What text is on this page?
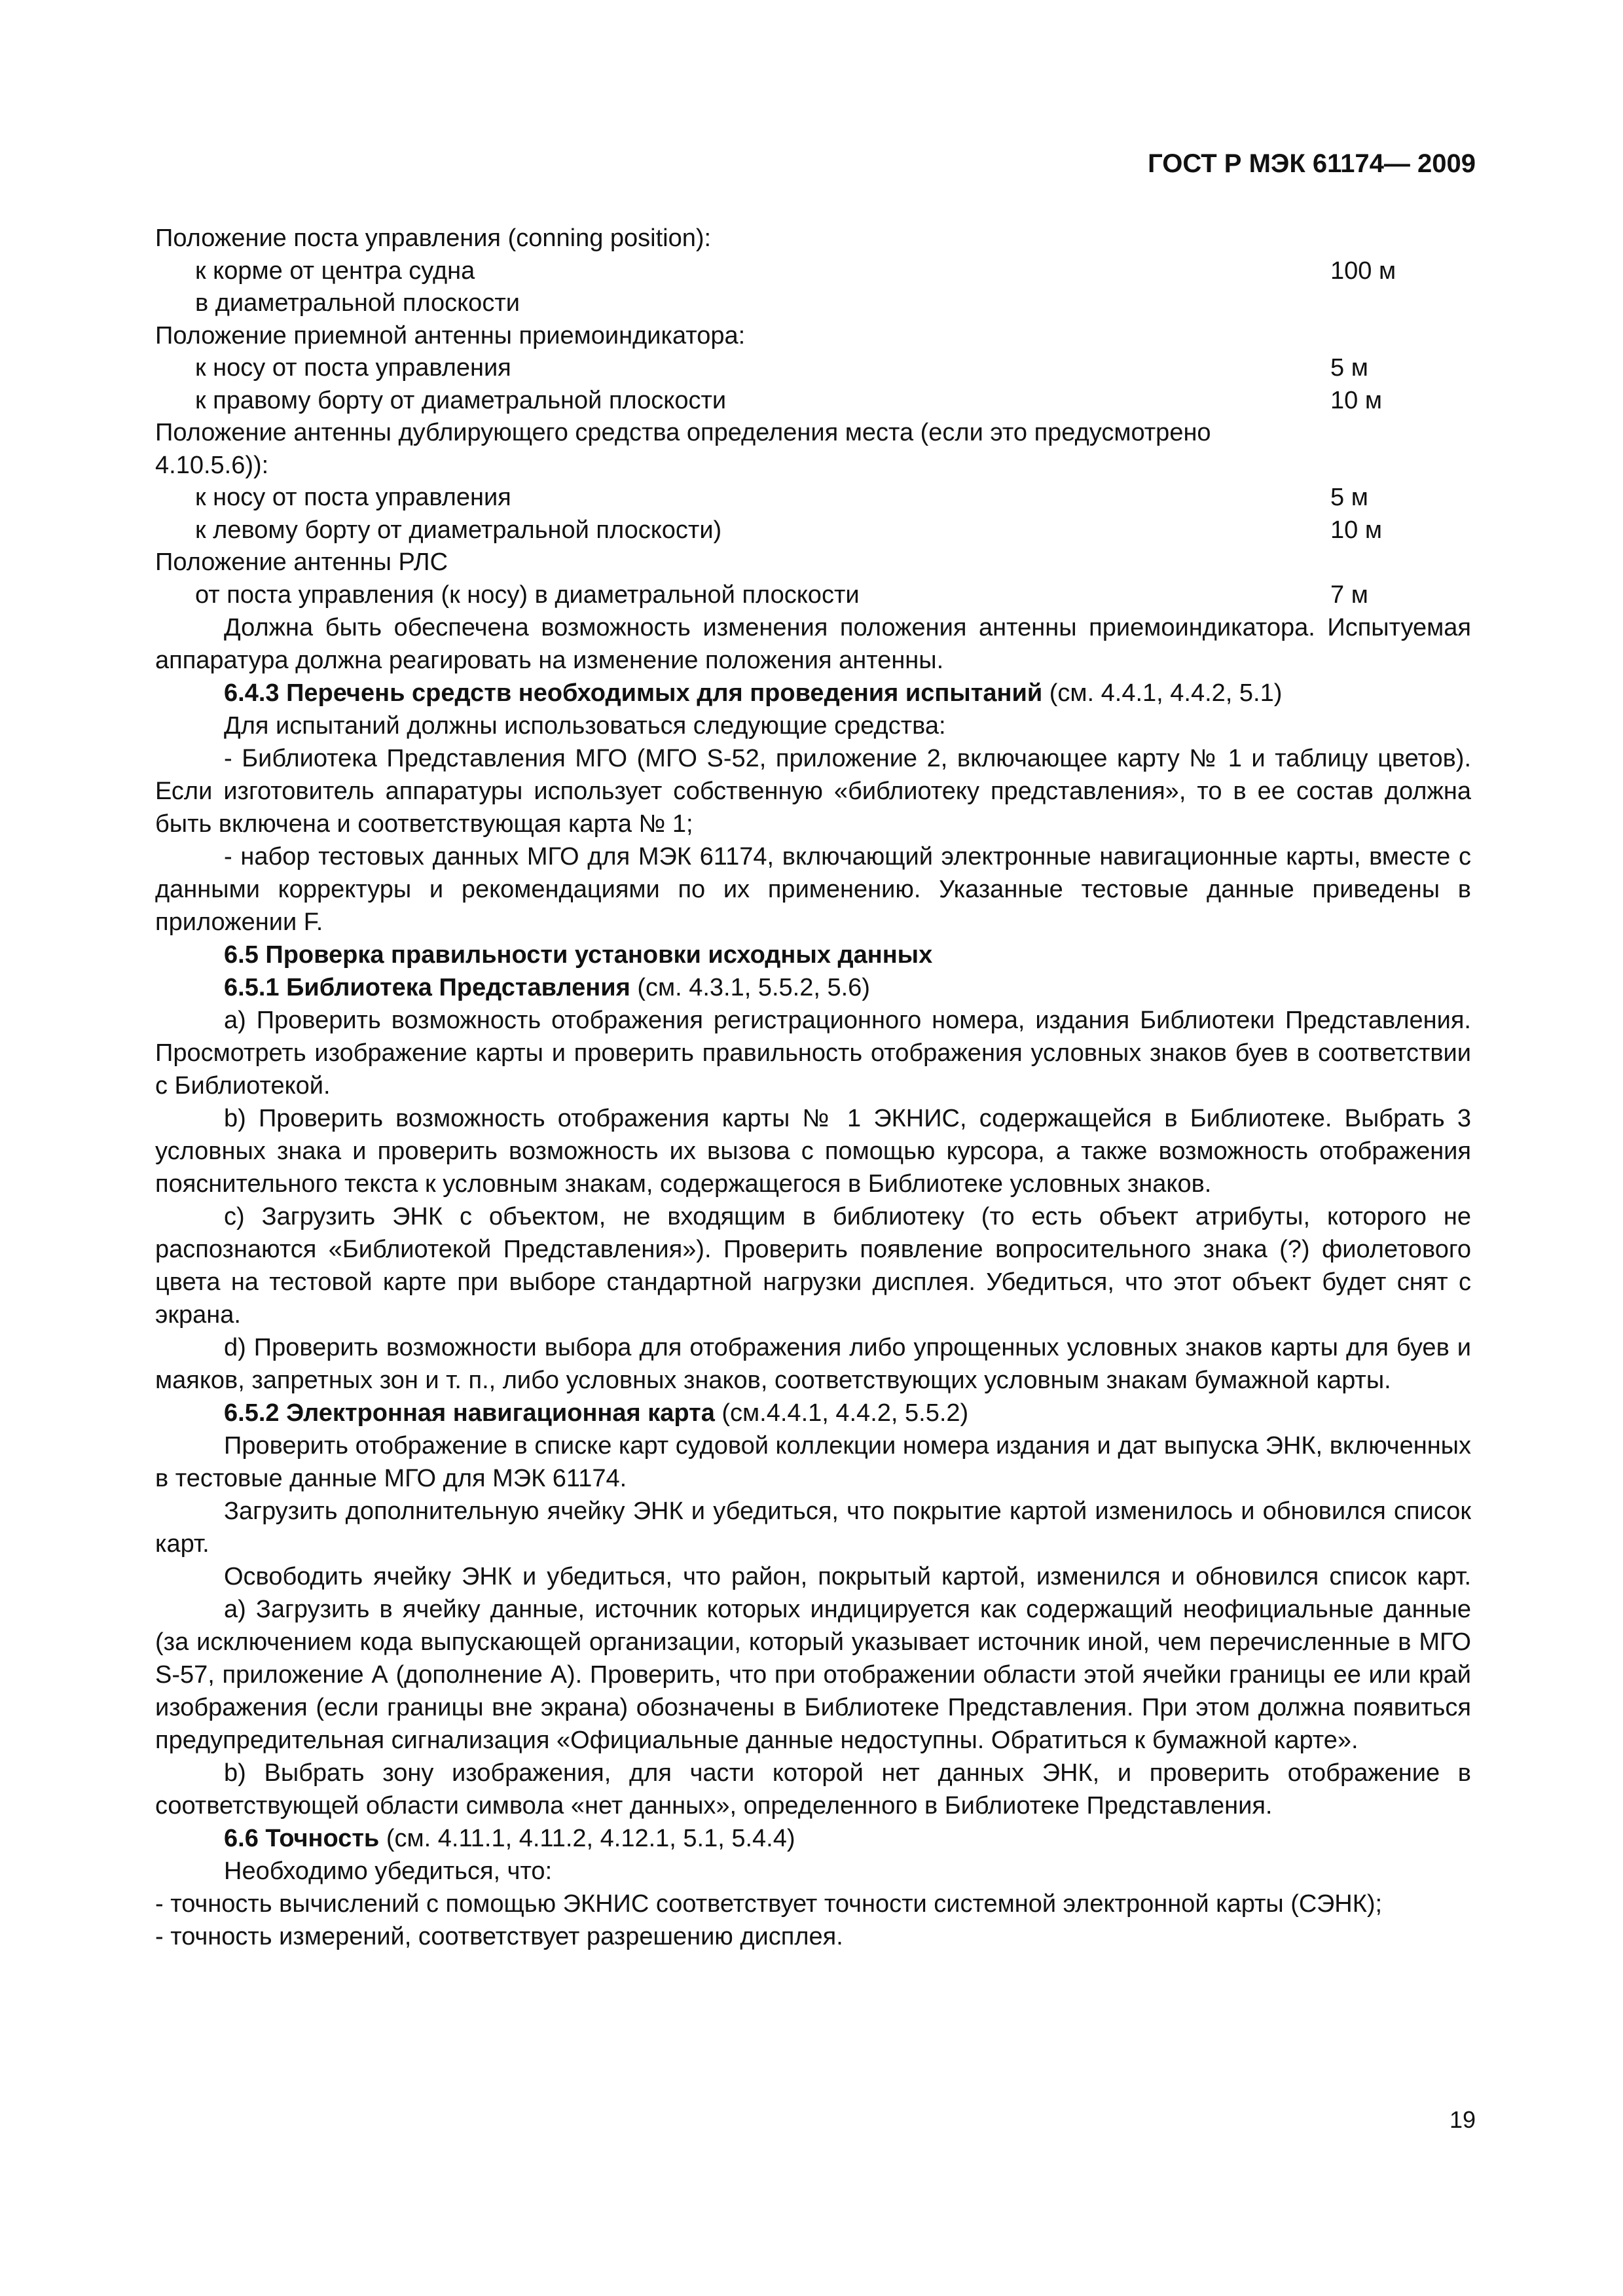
ГОСТ Р МЭК 61174— 2009
Положение поста управления (conning position):
к корме от центра судна	100 м
в диаметральной плоскости
Положение приемной антенны приемоиндикатора:
к носу от поста управления	5 м
к правому борту от диаметральной плоскости	10 м
Положение антенны дублирующего средства определения места (если это предусмотрено
4.10.5.6)):
к носу от поста управления	5 м
к левому борту от диаметральной плоскости)	10 м
Положение антенны РЛС
от поста управления (к носу) в диаметральной плоскости	7 м

Должна быть обеспечена возможность изменения положения антенны приемоиндикатора. Испытуемая аппаратура должна реагировать на изменение положения антенны.

6.4.3 Перечень средств необходимых для проведения испытаний (см. 4.4.1, 4.4.2, 5.1)

Для испытаний должны использоваться следующие средства:

- Библиотека Представления МГО (МГО S-52, приложение 2, включающее карту № 1 и таблицу цветов). Если изготовитель аппаратуры использует собственную «библиотеку представления», то в ее состав должна быть включена и соответствующая карта № 1;

- набор тестовых данных МГО для МЭК 61174, включающий электронные навигационные карты, вместе с данными корректуры и рекомендациями по их применению. Указанные тестовые данные приведены в приложении F.

6.5 Проверка правильности установки исходных данных

6.5.1 Библиотека Представления (см. 4.3.1, 5.5.2, 5.6)

a) Проверить возможность отображения регистрационного номера, издания Библиотеки Представления. Просмотреть изображение карты и проверить правильность отображения условных знаков буев в соответствии с Библиотекой.

b) Проверить возможность отображения карты № 1 ЭКНИС, содержащейся в Библиотеке. Выбрать 3 условных знака и проверить возможность их вызова с помощью курсора, а также возможность отображения пояснительного текста к условным знакам, содержащегося в Библиотеке условных знаков.

c) Загрузить ЭНК с объектом, не входящим в библиотеку (то есть объект атрибуты, которого не распознаются «Библиотекой Представления»). Проверить появление вопросительного знака (?) фиолетового цвета на тестовой карте при выборе стандартной нагрузки дисплея. Убедиться, что этот объект будет снят с экрана.

d) Проверить возможности выбора для отображения либо упрощенных условных знаков карты для буев и маяков, запретных зон и т. п., либо условных знаков, соответствующих условным знакам бумажной карты.

6.5.2 Электронная навигационная карта (см.4.4.1, 4.4.2, 5.5.2)

Проверить отображение в списке карт судовой коллекции номера издания и дат выпуска ЭНК, включенных в тестовые данные МГО для МЭК 61174.

Загрузить дополнительную ячейку ЭНК и убедиться, что покрытие картой изменилось и обновился список карт.

Освободить ячейку ЭНК и убедиться, что район, покрытый картой, изменился и обновился список карт.

a) Загрузить в ячейку данные, источник которых индицируется как содержащий неофициальные данные (за исключением кода выпускающей организации, который указывает источник иной, чем перечисленные в МГО S-57, приложение А (дополнение А). Проверить, что при отображении области этой ячейки границы ее или край изображения (если границы вне экрана) обозначены в Библиотеке Представления. При этом должна появиться предупредительная сигнализация «Официальные данные недоступны. Обратиться к бумажной карте».

b) Выбрать зону изображения, для части которой нет данных ЭНК, и проверить отображение в соответствующей области символа «нет данных», определенного в Библиотеке Представления.

6.6 Точность (см. 4.11.1, 4.11.2, 4.12.1, 5.1, 5.4.4)

Необходимо убедиться, что:

- точность вычислений с помощью ЭКНИС соответствует точности системной электронной карты (СЭНК);

- точность измерений, соответствует разрешению дисплея.

19
